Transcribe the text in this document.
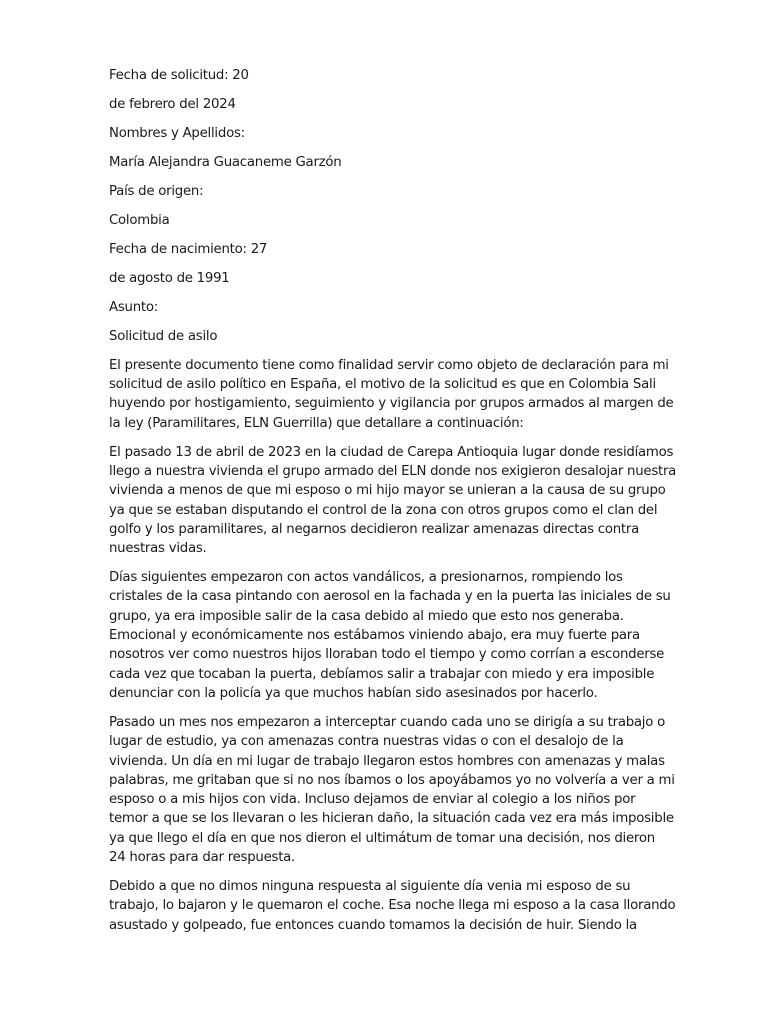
Fecha de solicitud: 20
de febrero del 2024
Nombres y Apellidos:
María Alejandra Guacaneme Garzón
País de origen:
Colombia
Fecha de nacimiento: 27
de agosto de 1991
Asunto:
Solicitud de asilo

El presente documento tiene como finalidad servir como objeto de declaración para mi

solicitud de asilo político en España, el motivo de la solicitud es que en Colombia Sali

huyendo por hostigamiento, seguimiento y vigilancia por grupos armados al margen de

la ley (Paramilitares, ELN Guerrilla) que detallare a continuación:

El pasado 13 de abril de 2023 en la ciudad de Carepa Antioquia lugar donde residíamos

llego a nuestra vivienda el grupo armado del ELN donde nos exigieron desalojar nuestra

vivienda a menos de que mi esposo o mi hijo mayor se unieran a la causa de su grupo

ya que se estaban disputando el control de la zona con otros grupos como el clan del

golfo y los paramilitares, al negarnos decidieron realizar amenazas directas contra

nuestras vidas.

Días siguientes empezaron con actos vandálicos, a presionarnos, rompiendo los

cristales de la casa pintando con aerosol en la fachada y en la puerta las iniciales de su

grupo, ya era imposible salir de la casa debido al miedo que esto nos generaba.

Emocional y económicamente nos estábamos viniendo abajo, era muy fuerte para

nosotros ver como nuestros hijos lloraban todo el tiempo y como corrían a esconderse

cada vez que tocaban la puerta, debíamos salir a trabajar con miedo y era imposible

denunciar con la policía ya que muchos habían sido asesinados por hacerlo.

Pasado un mes nos empezaron a interceptar cuando cada uno se dirigía a su trabajo o

lugar de estudio, ya con amenazas contra nuestras vidas o con el desalojo de la

vivienda. Un día en mi lugar de trabajo llegaron estos hombres con amenazas y malas

palabras, me gritaban que si no nos íbamos o los apoyábamos yo no volvería a ver a mi

esposo o a mis hijos con vida. Incluso dejamos de enviar al colegio a los niños por

temor a que se los llevaran o les hicieran daño, la situación cada vez era más imposible

ya que llego el día en que nos dieron el ultimátum de tomar una decisión, nos dieron

24 horas para dar respuesta.

Debido a que no dimos ninguna respuesta al siguiente día venia mi esposo de su

trabajo, lo bajaron y le quemaron el coche. Esa noche llega mi esposo a la casa llorando

asustado y golpeado, fue entonces cuando tomamos la decisión de huir. Siendo la
